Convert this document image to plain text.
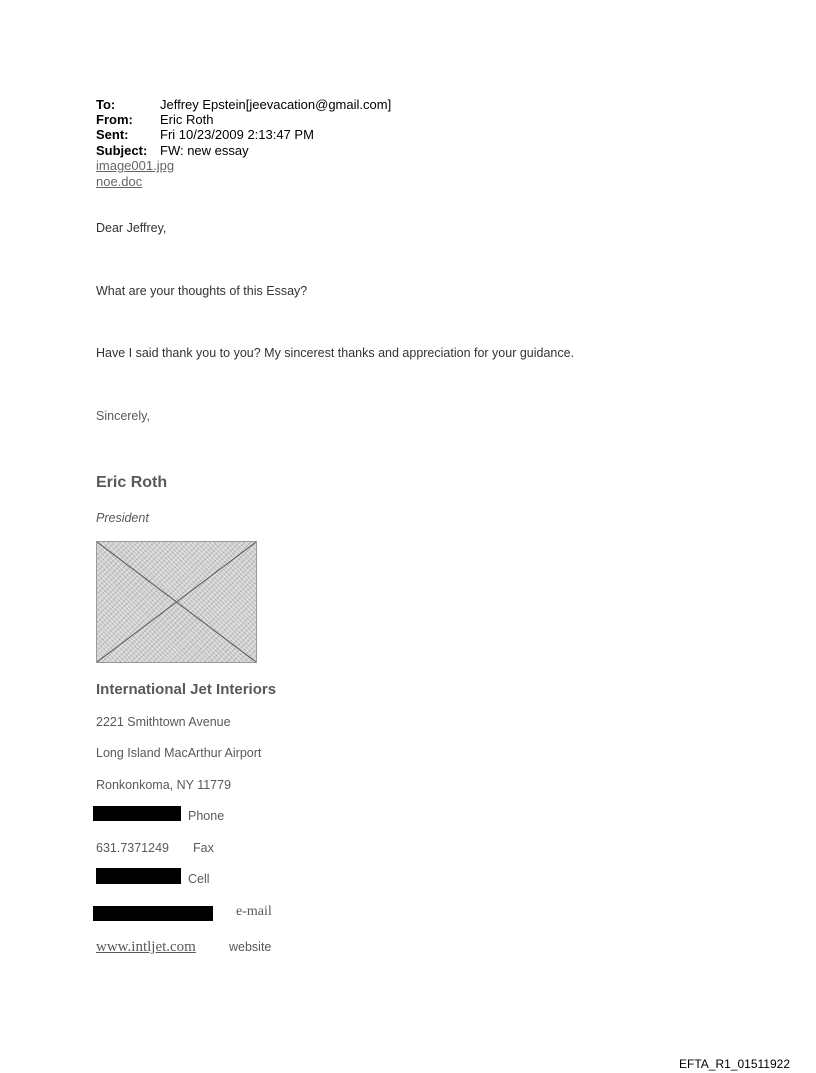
To:	Jeffrey Epstein[jeevacation@gmail.com]
From: Eric Roth
Sent: Fri 10/23/2009 2:13:47 PM
Subject: FW: new essay
image001.jpg
noe.doc
Dear Jeffrey,
What are your thoughts of this Essay?
Have I said thank you to you? My sincerest thanks and appreciation for your guidance.
Sincerely,
Eric Roth
President
International Jet Interiors
2221 Smithtown Avenue
Long Island MacArthur Airport
Ronkonkoma, NY 11779
Phone
631.7371249 Fax
Cell
e-mail
www.intljet.com	website
EFTA_R1_01511922
